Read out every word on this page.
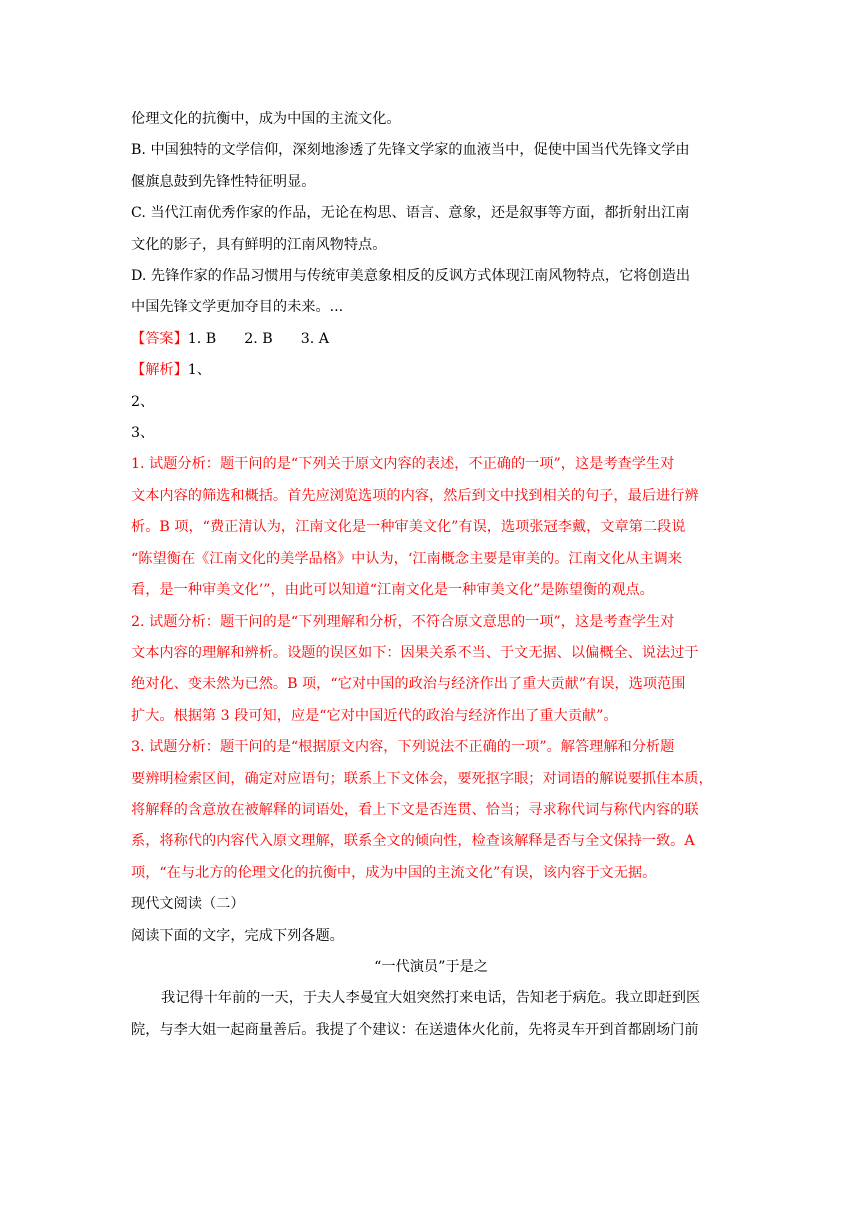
伦理文化的抗衡中，成为中国的主流文化。

B. 中国独特的文学信仰，深刻地渗透了先锋文学家的血液当中，促使中国当代先锋文学由

偃旗息鼓到先锋性特征明显。

C. 当代江南优秀作家的作品，无论在构思、语言、意象，还是叙事等方面，都折射出江南

文化的影子，具有鲜明的江南风物特点。

D. 先锋作家的作品习惯用与传统审美意象相反的反讽方式体现江南风物特点，它将创造出

中国先锋文学更加夺目的未来。...

【答案】1. B 2. B 3. A

【解析】1、

2、

3、

1. 试题分析：题干问的是“下列关于原文内容的表述，不正确的一项”，这是考查学生对

文本内容的筛选和概括。首先应浏览选项的内容，然后到文中找到相关的句子，最后进行辨

析。B 项，“费正清认为，江南文化是一种审美文化”有误，选项张冠李戴，文章第二段说

“陈望衡在《江南文化的美学品格》中认为，‘江南概念主要是审美的。江南文化从主调来

看，是一种审美文化’”，由此可以知道“江南文化是一种审美文化”是陈望衡的观点。

2. 试题分析：题干问的是“下列理解和分析，不符合原文意思的一项”，这是考查学生对

文本内容的理解和辨析。设题的误区如下：因果关系不当、于文无据、以偏概全、说法过于

绝对化、变未然为已然。B 项，“它对中国的政治与经济作出了重大贡献”有误，选项范围

扩大。根据第 3 段可知，应是“它对中国近代的政治与经济作出了重大贡献”。

3. 试题分析：题干问的是“根据原文内容，下列说法不正确的一项”。解答理解和分析题

要辨明检索区间，确定对应语句；联系上下文体会，要死抠字眼；对词语的解说要抓住本质，

将解释的含意放在被解释的词语处，看上下文是否连贯、恰当；寻求称代词与称代内容的联

系，将称代的内容代入原文理解，联系全文的倾向性，检查该解释是否与全文保持一致。A

项，“在与北方的伦理文化的抗衡中，成为中国的主流文化”有误，该内容于文无据。

现代文阅读（二）

阅读下面的文字，完成下列各题。

“一代演员”于是之

我记得十年前的一天，于夫人李曼宜大姐突然打来电话，告知老于病危。我立即赶到医

院，与李大姐一起商量善后。我提了个建议：在送遗体火化前，先将灵车开到首都剧场门前
